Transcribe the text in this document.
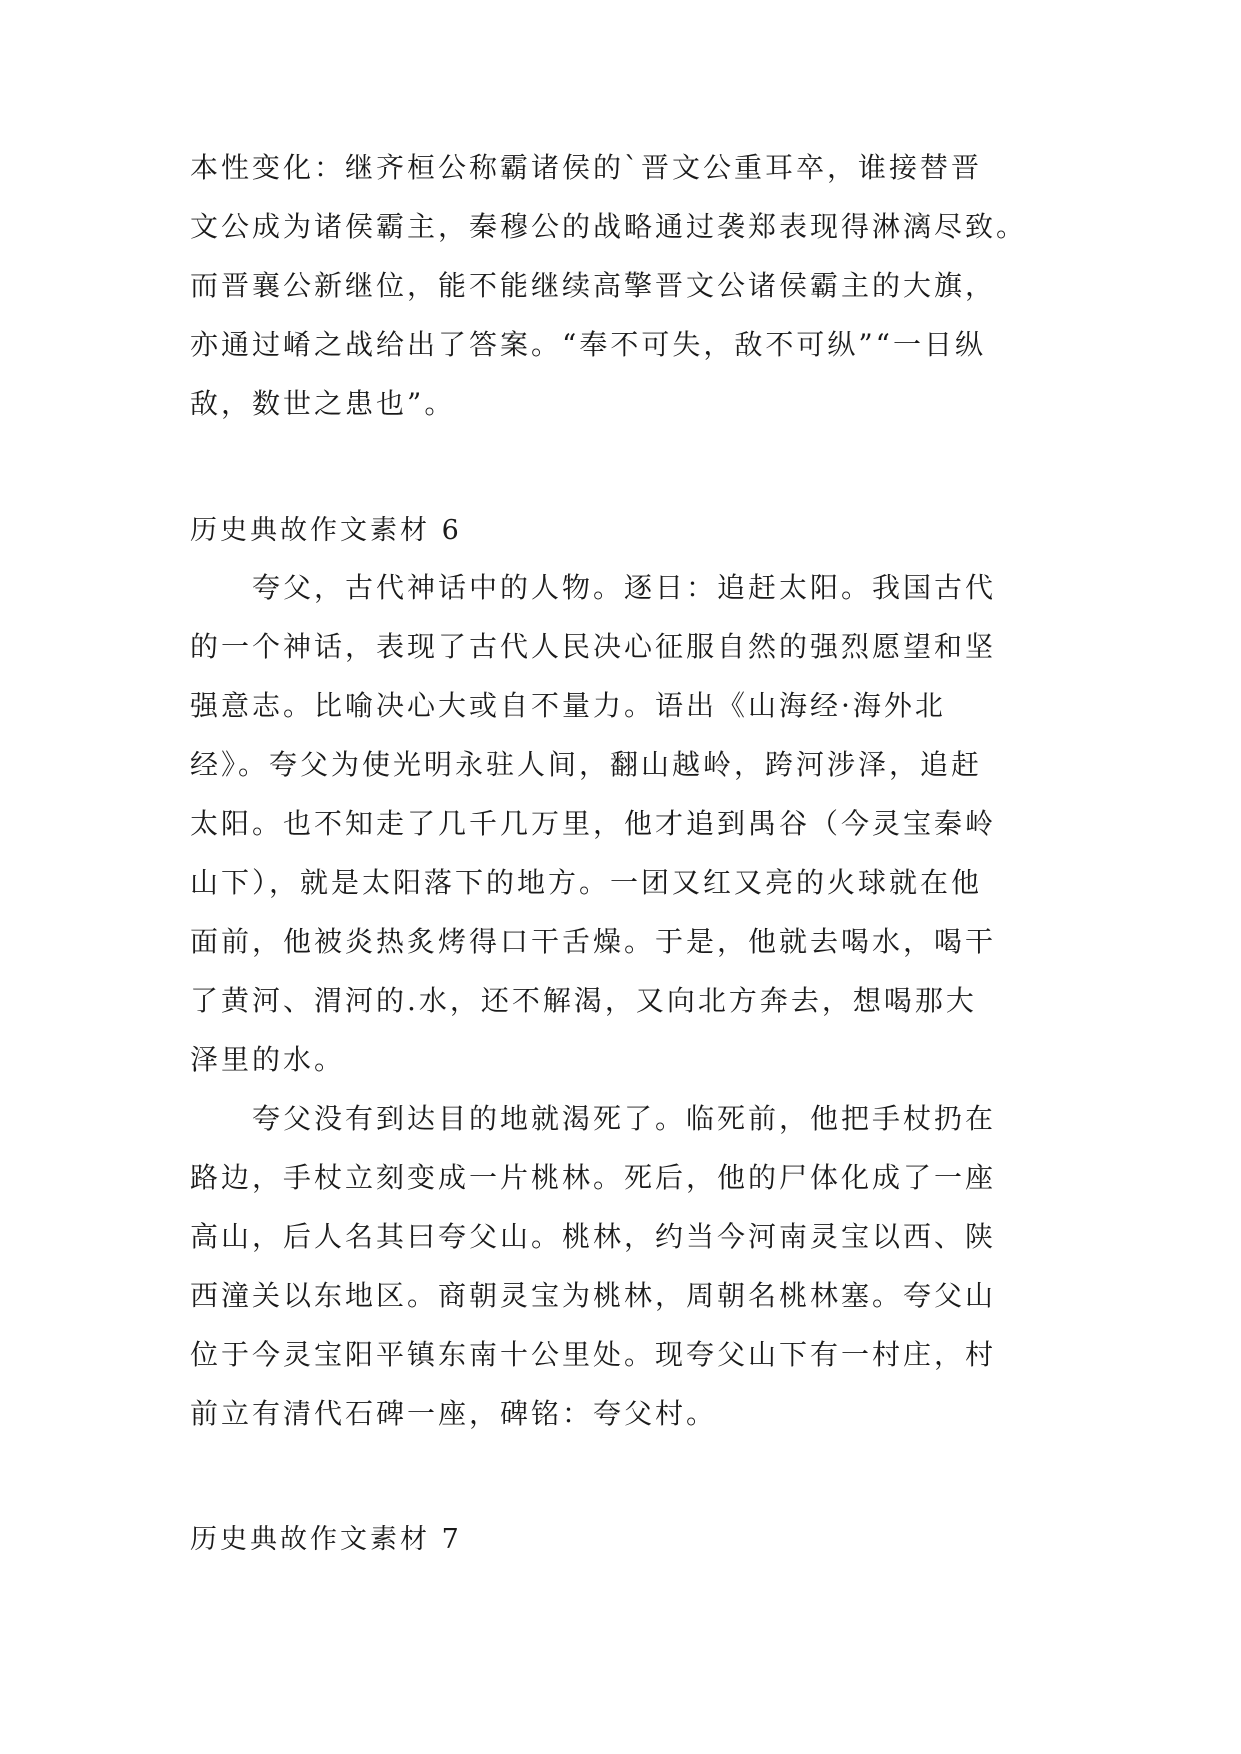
本性变化：继齐桓公称霸诸侯的`晋文公重耳卒，谁接替晋
文公成为诸侯霸主，秦穆公的战略通过袭郑表现得淋漓尽致。
而晋襄公新继位，能不能继续高擎晋文公诸侯霸主的大旗，
亦通过崤之战给出了答案。“奉不可失，敌不可纵”“一日纵
敌，数世之患也”。
历史典故作文素材 6
　　夸父，古代神话中的人物。逐日：追赶太阳。我国古代
的一个神话，表现了古代人民决心征服自然的强烈愿望和坚
强意志。比喻决心大或自不量力。语出《山海经·海外北
经》。夸父为使光明永驻人间，翻山越岭，跨河涉泽，追赶
太阳。也不知走了几千几万里，他才追到禺谷（今灵宝秦岭
山下），就是太阳落下的地方。一团又红又亮的火球就在他
面前，他被炎热炙烤得口干舌燥。于是，他就去喝水，喝干
了黄河、渭河的.水，还不解渴，又向北方奔去，想喝那大
泽里的水。
　　夸父没有到达目的地就渴死了。临死前，他把手杖扔在
路边，手杖立刻变成一片桃林。死后，他的尸体化成了一座
高山，后人名其曰夸父山。桃林，约当今河南灵宝以西、陕
西潼关以东地区。商朝灵宝为桃林，周朝名桃林塞。夸父山
位于今灵宝阳平镇东南十公里处。现夸父山下有一村庄，村
前立有清代石碑一座，碑铭：夸父村。
历史典故作文素材 7
